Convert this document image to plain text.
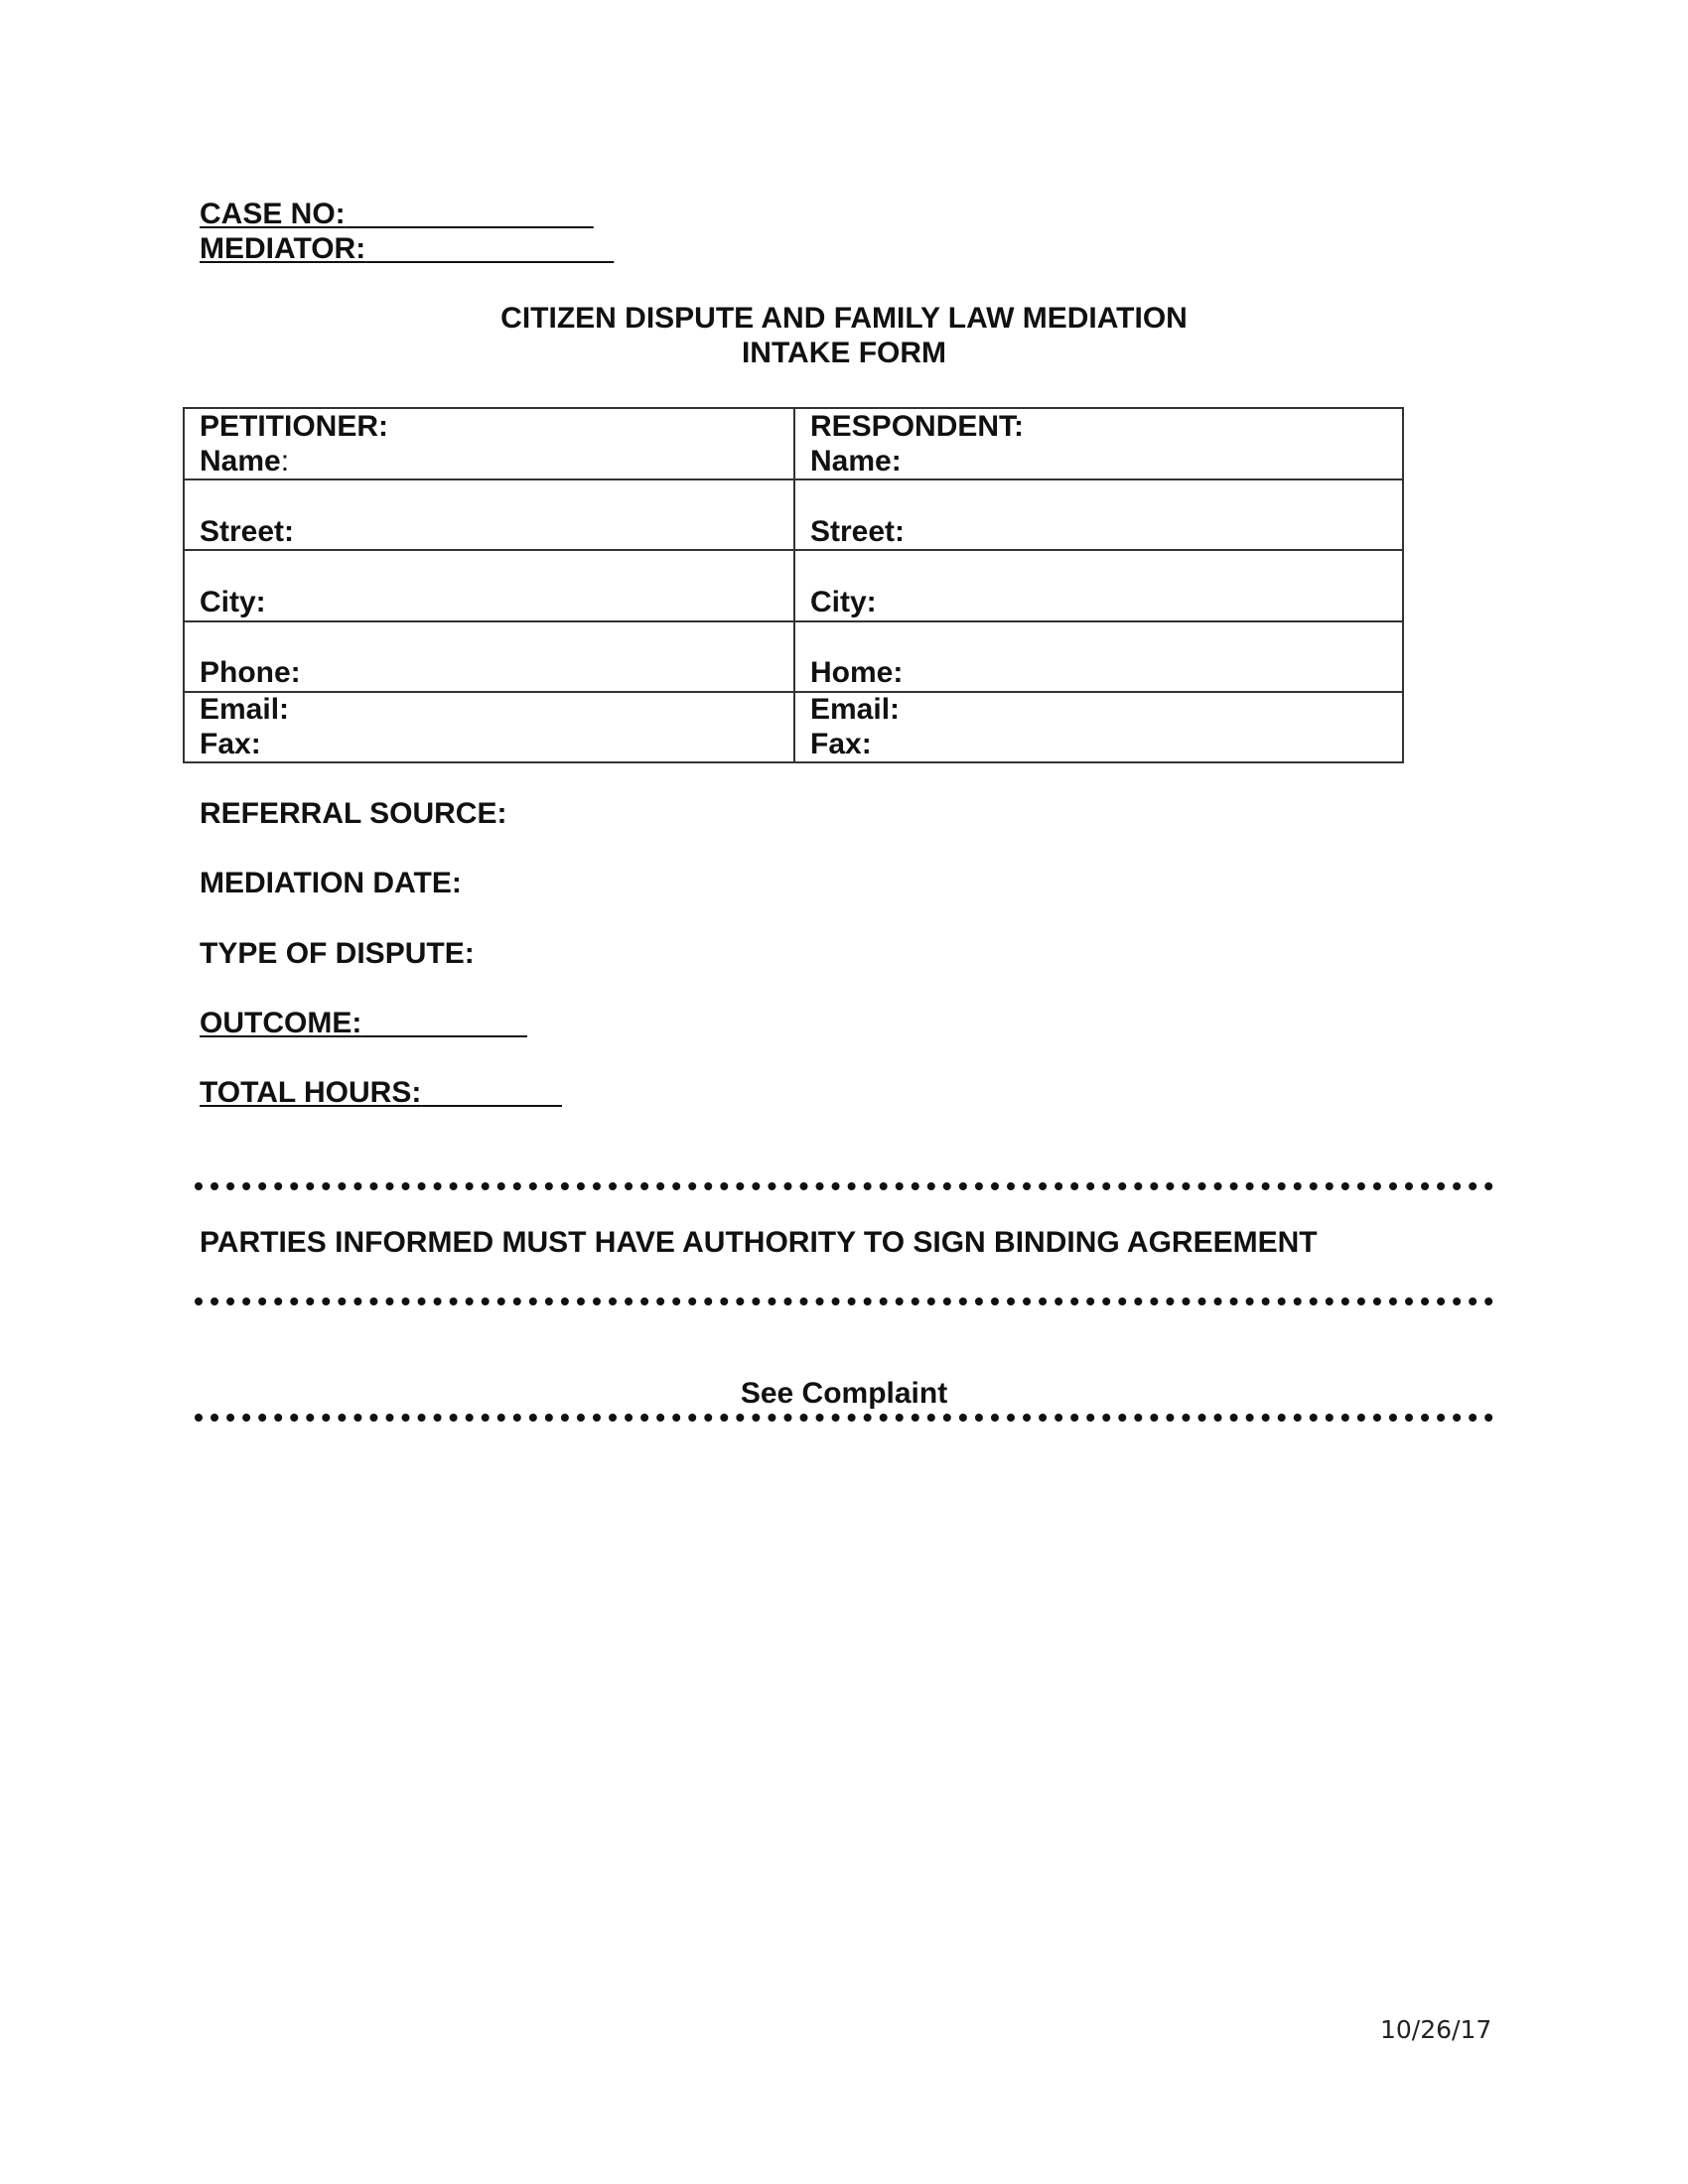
CASE NO:
MEDIATOR:
CITIZEN DISPUTE AND FAMILY LAW MEDIATION
INTAKE FORM
PETITIONER:
Name:
Street:
City:
Phone:
Email:
Fax:
RESPONDENT:
Name:
Street:
City:
Home:
Email:
Fax:
REFERRAL SOURCE:
MEDIATION DATE:
TYPE OF DISPUTE:
OUTCOME:
TOTAL HOURS:
PARTIES INFORMED MUST HAVE AUTHORITY TO SIGN BINDING AGREEMENT
See Complaint
10/26/17
